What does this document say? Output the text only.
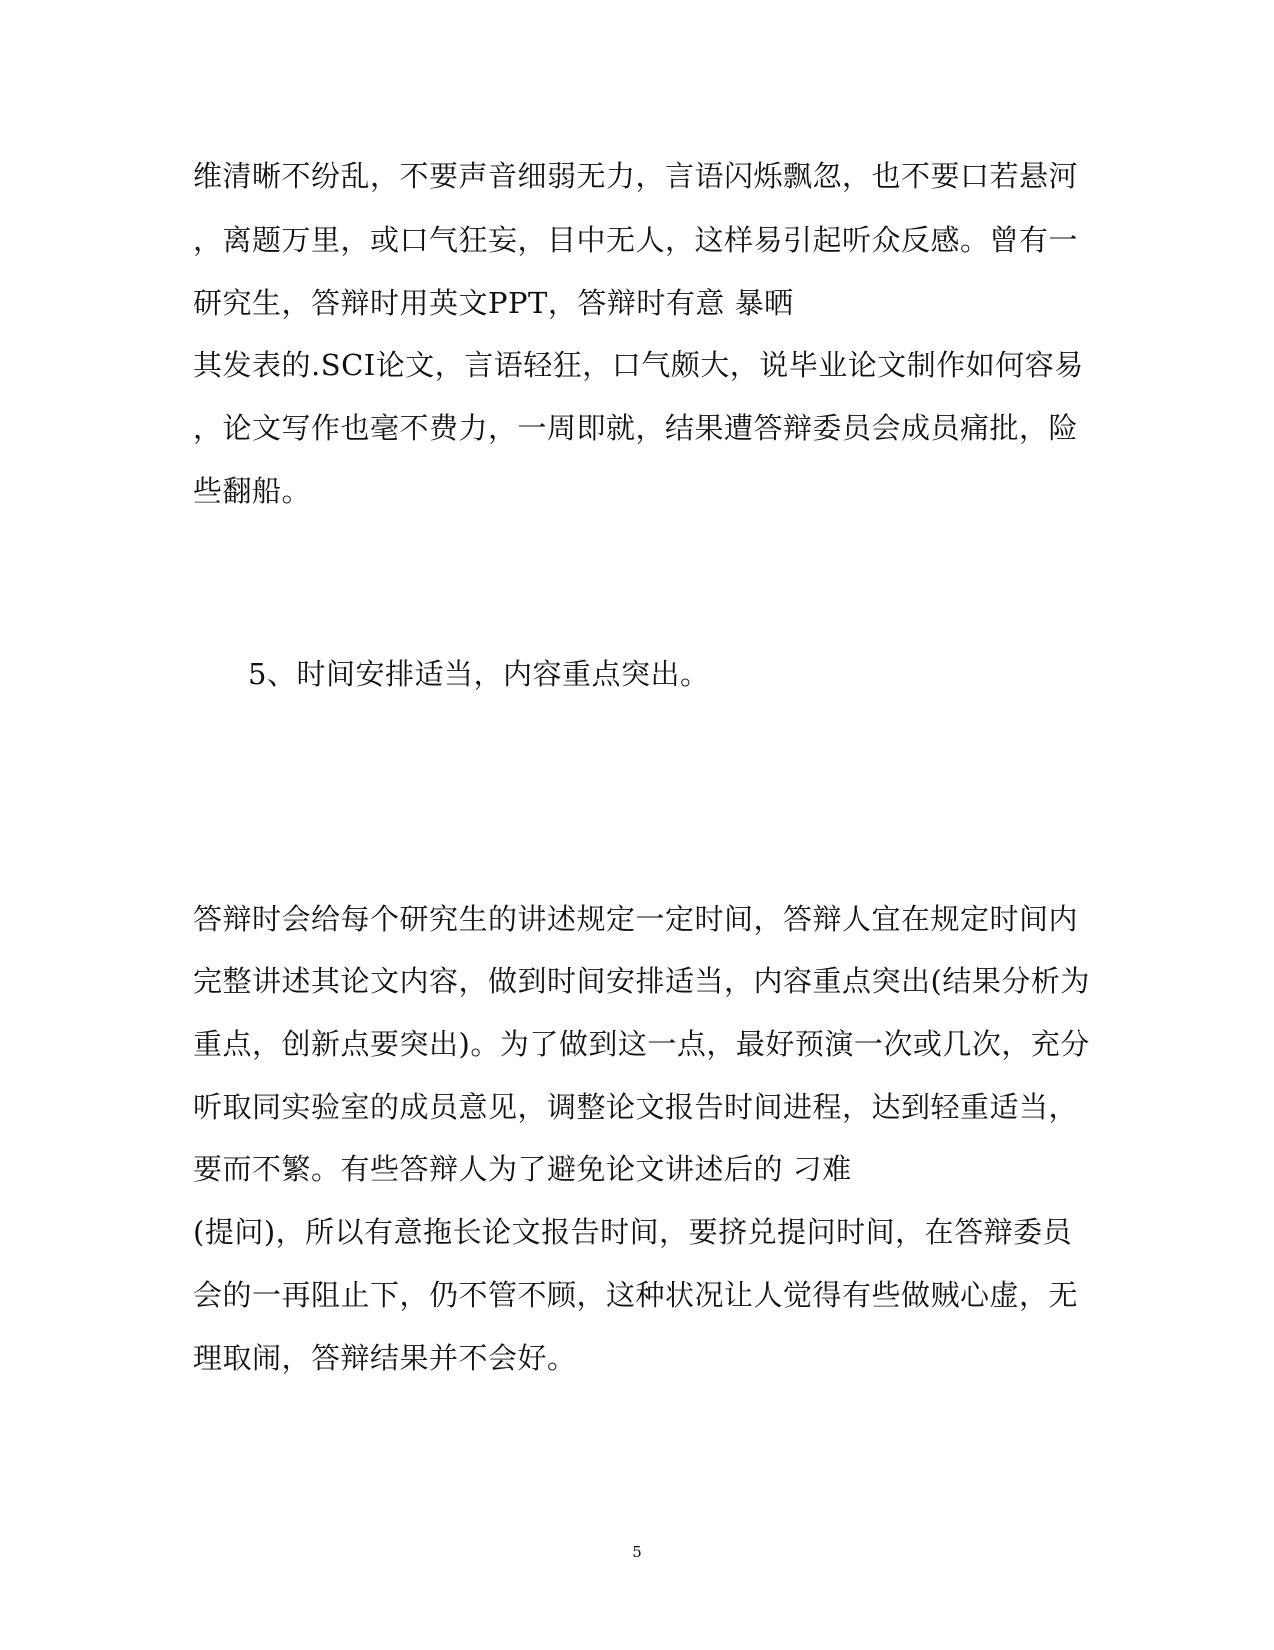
维清晰不纷乱，不要声音细弱无力，言语闪烁飘忽，也不要口若悬河
，离题万里，或口气狂妄，目中无人，这样易引起听众反感。曾有一
研究生，答辩时用英文PPT，答辩时有意 暴晒
其发表的.SCI论文，言语轻狂，口气颇大，说毕业论文制作如何容易
，论文写作也毫不费力，一周即就，结果遭答辩委员会成员痛批，险
些翻船。
5、时间安排适当，内容重点突出。
答辩时会给每个研究生的讲述规定一定时间，答辩人宜在规定时间内
完整讲述其论文内容，做到时间安排适当，内容重点突出(结果分析为
重点，创新点要突出)。为了做到这一点，最好预演一次或几次，充分
听取同实验室的成员意见，调整论文报告时间进程，达到轻重适当，
要而不繁。有些答辩人为了避免论文讲述后的 刁难
(提问)，所以有意拖长论文报告时间，要挤兑提问时间，在答辩委员
会的一再阻止下，仍不管不顾，这种状况让人觉得有些做贼心虚，无
理取闹，答辩结果并不会好。
5
